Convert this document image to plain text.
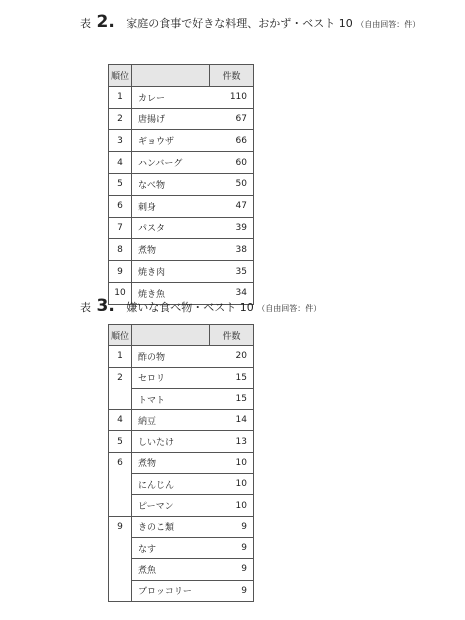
表 2. 家庭の食事で好きな料理、おかず・ベスト 10 （自由回答：件）
順位		件数
1	カレー	110
2	唐揚げ	67
3	ギョウザ	66
4	ハンバーグ	60
5	なべ物	50
6	刺身	47
7	パスタ	39
8	煮物	38
9	焼き肉	35
10	焼き魚	34
表 3. 嫌いな食べ物・ベスト 10 （自由回答：件）
順位		件数
1	酢の物	20
2	セロリ	15
	トマト	15
4	納豆	14
5	しいたけ	13
6	煮物	10
	にんじん	10
	ピーマン	10
9	きのこ類	9
	なす	9
	煮魚	9
	ブロッコリー	9
